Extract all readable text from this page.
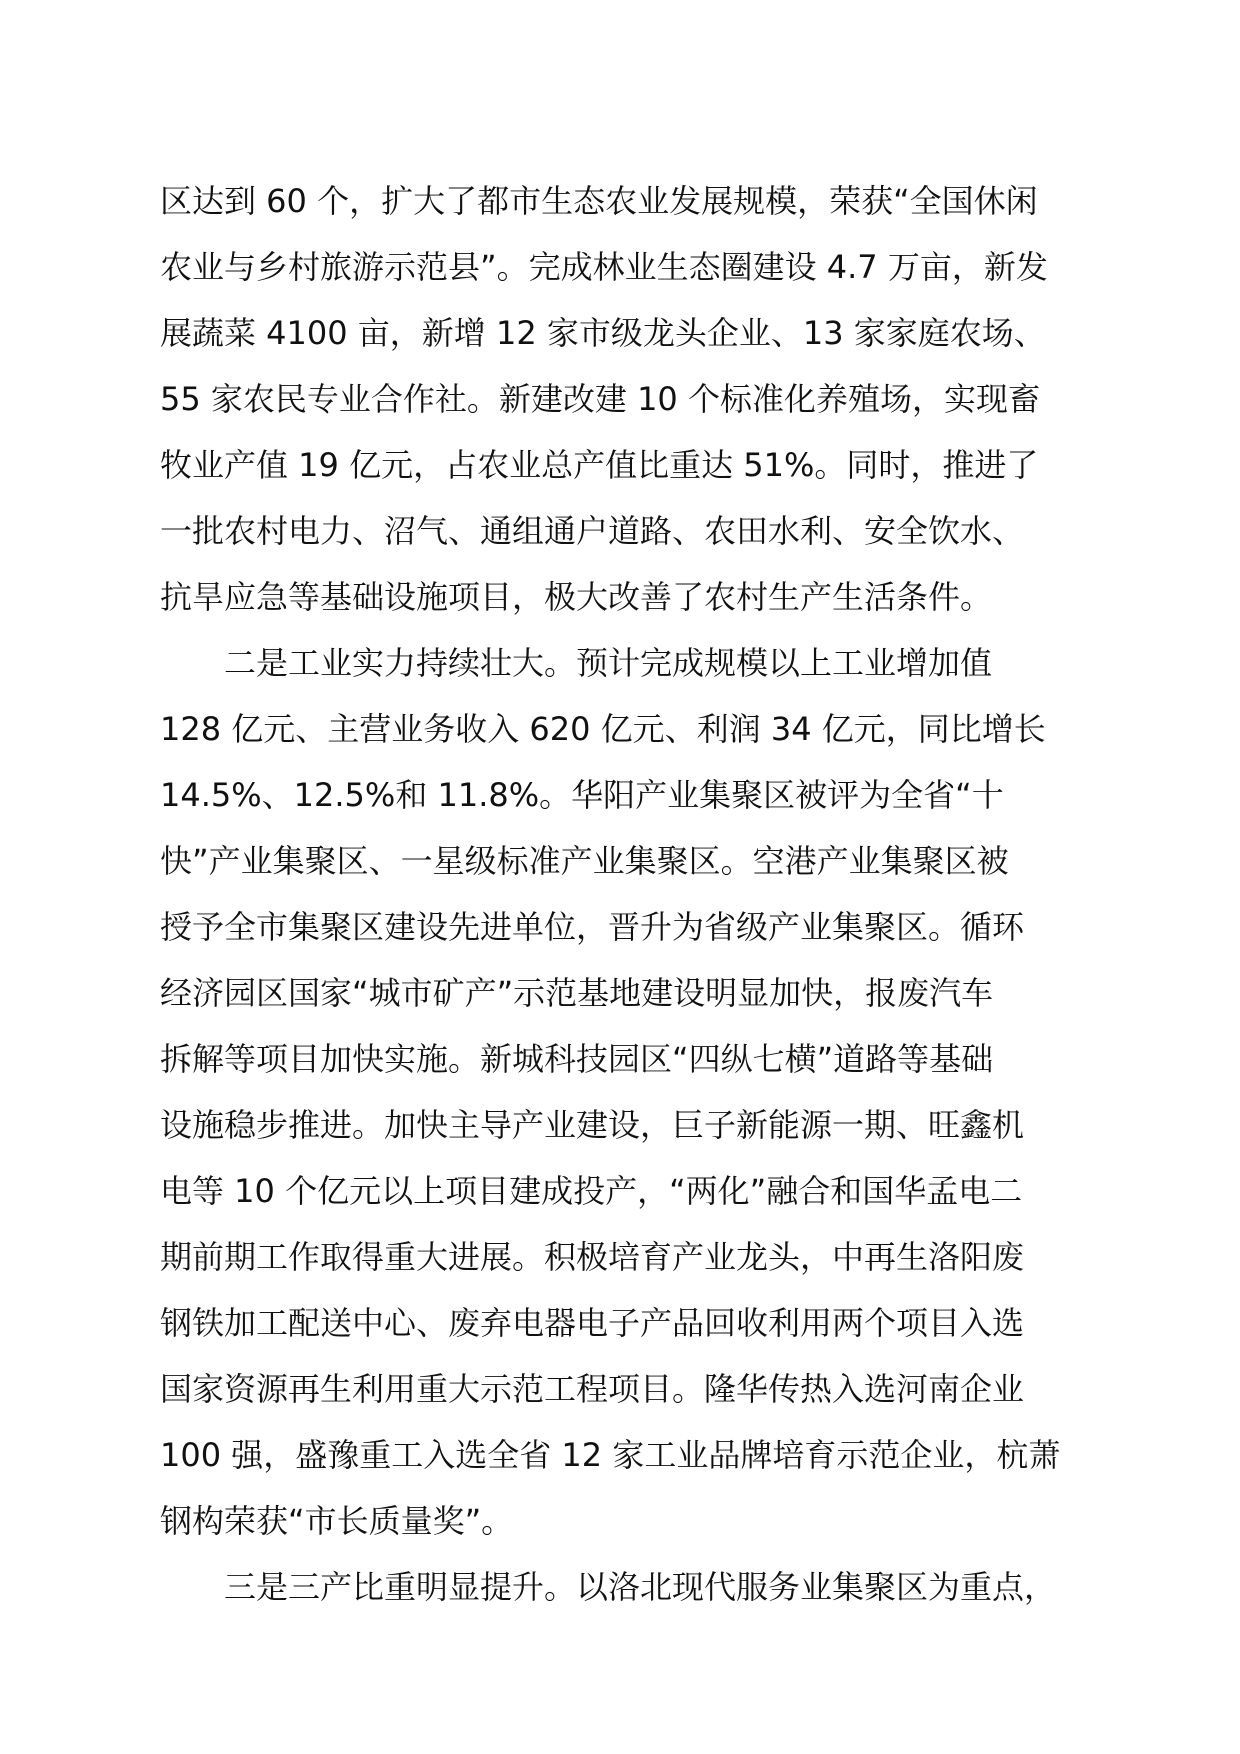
区达到 60 个，扩大了都市生态农业发展规模，荣获“全国休闲
农业与乡村旅游示范县”。完成林业生态圈建设 4.7 万亩，新发
展蔬菜 4100 亩，新增 12 家市级龙头企业、13 家家庭农场、
55 家农民专业合作社。新建改建 10 个标准化养殖场，实现畜
牧业产值 19 亿元，占农业总产值比重达 51%。同时，推进了
一批农村电力、沼气、通组通户道路、农田水利、安全饮水、
抗旱应急等基础设施项目，极大改善了农村生产生活条件。
二是工业实力持续壮大。预计完成规模以上工业增加值
128 亿元、主营业务收入 620 亿元、利润 34 亿元，同比增长
14.5%、12.5%和 11.8%。华阳产业集聚区被评为全省“十
快”产业集聚区、一星级标准产业集聚区。空港产业集聚区被
授予全市集聚区建设先进单位，晋升为省级产业集聚区。循环
经济园区国家“城市矿产”示范基地建设明显加快，报废汽车
拆解等项目加快实施。新城科技园区“四纵七横”道路等基础
设施稳步推进。加快主导产业建设，巨子新能源一期、旺鑫机
电等 10 个亿元以上项目建成投产，“两化”融合和国华孟电二
期前期工作取得重大进展。积极培育产业龙头，中再生洛阳废
钢铁加工配送中心、废弃电器电子产品回收利用两个项目入选
国家资源再生利用重大示范工程项目。隆华传热入选河南企业
100 强，盛豫重工入选全省 12 家工业品牌培育示范企业，杭萧
钢构荣获“市长质量奖”。
三是三产比重明显提升。以洛北现代服务业集聚区为重点，
